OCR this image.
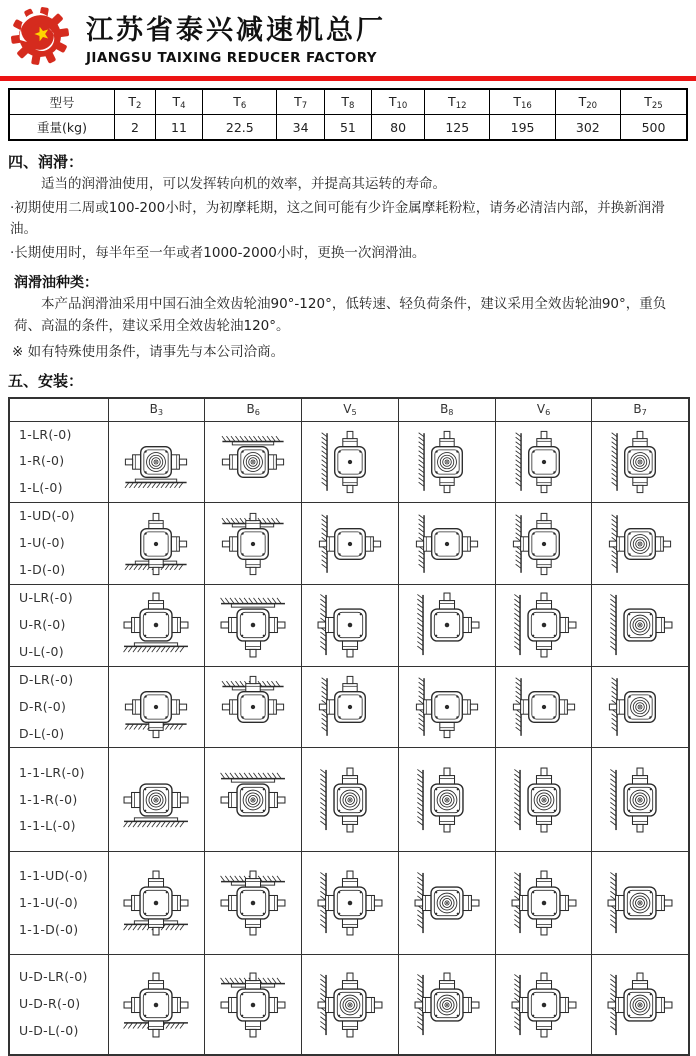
江苏省泰兴减速机总厂
JIANGSU TAIXING REDUCER FACTORY
型号	$T_2$	$T_4$	$T_6$	$T_7$	$T_8$	$T_{10}$	$T_{12}$	$T_{16}$	$T_{20}$	$T_{25}$
重量(kg)	2	11	22.5	34	51	80	125	195	302	500
四、润滑：
适当的润滑油使用，可以发挥转向机的效率，并提高其运转的寿命。
·初期使用二周或100-200小时，为初摩耗期，这之间可能有少许金属摩耗粉粒，请务必清洁内部，并换新润滑油。
·长期使用时，每半年至一年或者1000-2000小时，更换一次润滑油。
润滑油种类：
本产品润滑油采用中国石油全效齿轮油90°-120°，低转速、轻负荷条件，建议采用全效齿轮油90°，重负荷、高温的条件，建议采用全效齿轮油120°。
※ 如有特殊使用条件，请事先与本公司洽商。
五、安装：
	$B_3$	$B_6$	$V_5$	$B_8$	$V_6$	$B_7$

1-LR(-0)
1-R(-0)
1-L(-0)

1-UD(-0)
1-U(-0)
1-D(-0)

U-LR(-0)
U-R(-0)
U-L(-0)

D-LR(-0)
D-R(-0)
D-L(-0)

1-1-LR(-0)
1-1-R(-0)
1-1-L(-0)

1-1-UD(-0)
1-1-U(-0)
1-1-D(-0)

U-D-LR(-0)
U-D-R(-0)
U-D-L(-0)
